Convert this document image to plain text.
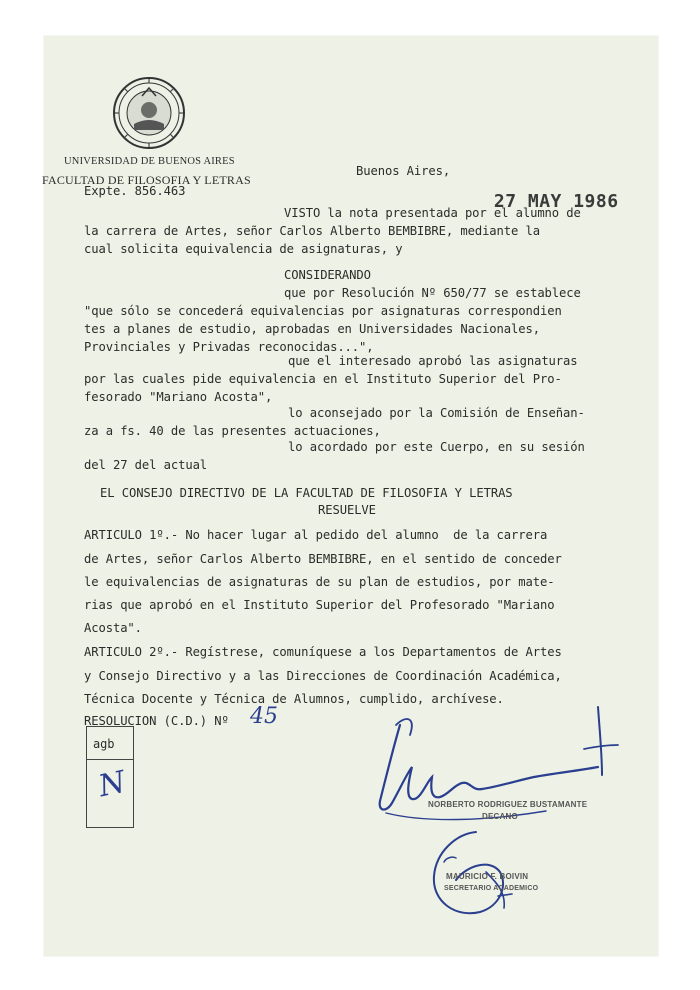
UNIVERSIDAD DE BUENOS AIRES
FACULTAD DE FILOSOFIA Y LETRAS
Expte. 856.463
Buenos Aires,

27 MAY 1986

VISTO la nota presentada por el alumno de
la carrera de Artes, señor Carlos Alberto BEMBIBRE, mediante la
cual solicita equivalencia de asignaturas, y
CONSIDERANDO
que por Resolución Nº 650/77 se establece
"que sólo se concederá equivalencias por asignaturas correspondien
tes a planes de estudio, aprobadas en Universidades Nacionales,
Provinciales y Privadas reconocidas...",
que el interesado aprobó las asignaturas
por las cuales pide equivalencia en el Instituto Superior del Pro-
fesorado "Mariano Acosta",
lo aconsejado por la Comisión de Enseñan-
za a fs. 40 de las presentes actuaciones,
lo acordado por este Cuerpo, en su sesión
del 27 del actual
EL CONSEJO DIRECTIVO DE LA FACULTAD DE FILOSOFIA Y LETRAS
RESUELVE
ARTICULO 1º.- No hacer lugar al pedido del alumno  de la carrera
de Artes, señor Carlos Alberto BEMBIBRE, en el sentido de conceder
le equivalencias de asignaturas de su plan de estudios, por mate-
rias que aprobó en el Instituto Superior del Profesorado "Mariano
Acosta".
ARTICULO 2º.- Regístrese, comuníquese a los Departamentos de Artes
y Consejo Directivo y a las Direcciones de Coordinación Académica,
Técnica Docente y Técnica de Alumnos, cumplido, archívese.
RESOLUCION (C.D.) Nº 45
agb
N
NORBERTO RODRIGUEZ BUSTAMANTE
DECANO
MAURICIO F. BOIVIN
SECRETARIO ACADEMICO
